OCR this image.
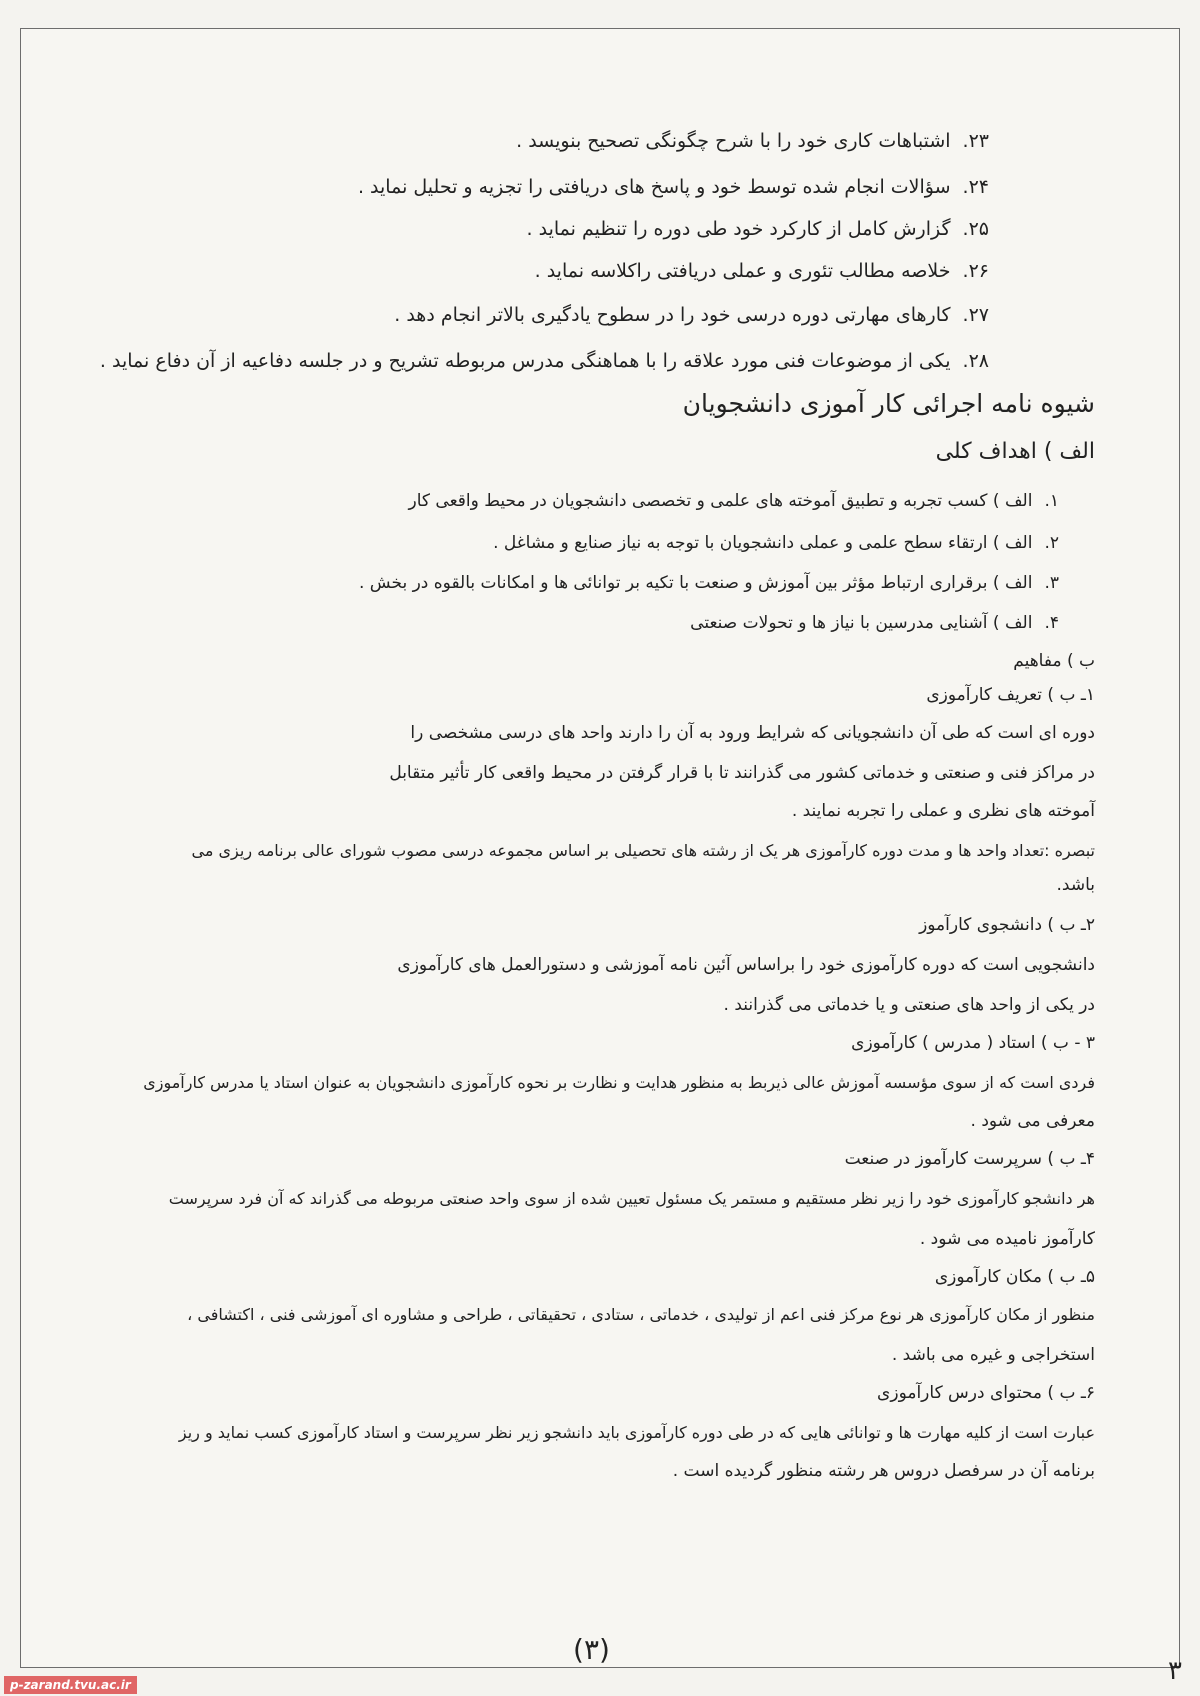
۲۳.اشتباهات کاری خود را با شرح چگونگی تصحیح بنویسد .
۲۴.سؤالات انجام شده توسط خود و پاسخ های دریافتی را تجزیه و تحلیل نماید .
۲۵.گزارش کامل از کارکرد خود طی دوره را تنظیم نماید .
۲۶.خلاصه مطالب تئوری و عملی دریافتی راکلاسه نماید .
۲۷.کارهای مهارتی دوره درسی خود را در سطوح یادگیری بالاتر انجام دهد .
۲۸.یکی از موضوعات فنی مورد علاقه را با هماهنگی مدرس مربوطه تشریح و در جلسه دفاعیه از آن دفاع نماید .
شیوه نامه اجرائی کار آموزی دانشجویان
الف ) اهداف کلی
۱.الف ) کسب تجربه و تطبیق آموخته های علمی و تخصصی دانشجویان در محیط واقعی کار
۲.الف ) ارتقاء سطح علمی و عملی دانشجویان با توجه به نیاز صنایع و مشاغل .
۳.الف ) برقراری ارتباط مؤثر بین آموزش و صنعت با تکیه بر توانائی ها و امکانات بالقوه در بخش .
۴.الف ) آشنایی مدرسین با نیاز ها و تحولات صنعتی
ب ) مفاهیم
۱ـ ب ) تعریف کارآموزی
دوره ای است که طی آن دانشجویانی که شرایط ورود به آن را دارند واحد های درسی مشخصی را
در مراکز فنی و صنعتی و خدماتی کشور می گذرانند تا با قرار گرفتن در محیط واقعی کار تأثیر متقابل
آموخته های نظری و عملی را تجربه نمایند .
تبصره :تعداد واحد ها و مدت دوره کارآموزی هر یک از رشته های تحصیلی بر اساس مجموعه درسی مصوب شورای عالی برنامه ریزی می
باشد.
۲ـ ب ) دانشجوی کارآموز
دانشجویی است که دوره کارآموزی خود را براساس آئین نامه آموزشی و دستورالعمل های کارآموزی
در یکی از واحد های صنعتی و یا خدماتی می گذرانند .
۳ - ب ) استاد ( مدرس ) کارآموزی
فردی است که از سوی مؤسسه آموزش عالی ذیربط به منظور هدایت و نظارت بر نحوه کارآموزی دانشجویان به عنوان استاد یا مدرس کارآموزی
معرفی می شود .
۴ـ ب ) سرپرست کارآموز در صنعت
هر دانشجو کارآموزی خود را زیر نظر مستقیم و مستمر یک مسئول تعیین شده از سوی واحد صنعتی مربوطه می گذراند که آن فرد سرپرست
کارآموز نامیده می شود .
۵ـ ب ) مکان کارآموزی
منظور از مکان کارآموزی هر نوع مرکز فنی اعم از تولیدی ، خدماتی ، ستادی ، تحقیقاتی ، طراحی و مشاوره ای آموزشی فنی ، اکتشافی ،
استخراجی و غیره می باشد .
۶ـ ب ) محتوای درس کارآموزی
عبارت است از کلیه مهارت ها و توانائی هایی که در طی دوره کارآموزی باید دانشجو زیر نظر سرپرست و استاد کارآموزی کسب نماید و ریز
برنامه آن در سرفصل دروس هر رشته منظور گردیده است .
(۳)
۳
p-zarand.tvu.ac.ir
